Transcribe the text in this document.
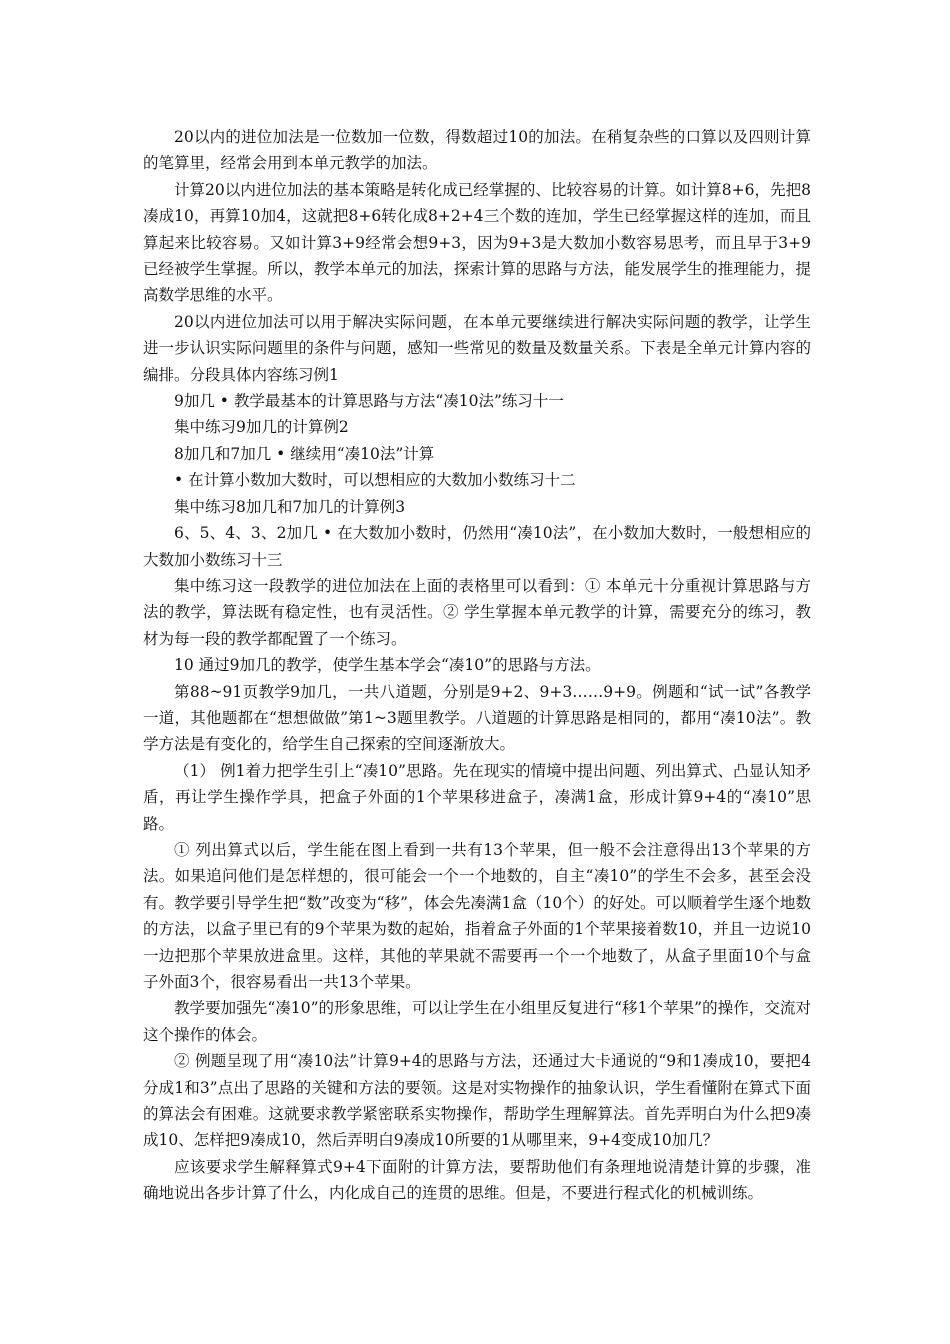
20以内的进位加法是一位数加一位数，得数超过10的加法。在稍复杂些的口算以及四则计算的笔算里，经常会用到本单元教学的加法。

计算20以内进位加法的基本策略是转化成已经掌握的、比较容易的计算。如计算8+6，先把8凑成10，再算10加4，这就把8+6转化成8+2+4三个数的连加，学生已经掌握这样的连加，而且算起来比较容易。又如计算3+9经常会想9+3，因为9+3是大数加小数容易思考，而且早于3+9已经被学生掌握。所以，教学本单元的加法，探索计算的思路与方法，能发展学生的推理能力，提高数学思维的水平。

20以内进位加法可以用于解决实际问题，在本单元要继续进行解决实际问题的教学，让学生进一步认识实际问题里的条件与问题，感知一些常见的数量及数量关系。下表是全单元计算内容的编排。分段具体内容练习例1

9加几 • 教学最基本的计算思路与方法“凑10法”练习十一

集中练习9加几的计算例2

8加几和7加几 • 继续用“凑10法”计算

• 在计算小数加大数时，可以想相应的大数加小数练习十二

集中练习8加几和7加几的计算例3

6、5、4、3、2加几 • 在大数加小数时，仍然用“凑10法”，在小数加大数时，一般想相应的大数加小数练习十三

集中练习这一段教学的进位加法在上面的表格里可以看到：① 本单元十分重视计算思路与方法的教学，算法既有稳定性，也有灵活性。② 学生掌握本单元教学的计算，需要充分的练习，教材为每一段的教学都配置了一个练习。

10 通过9加几的教学，使学生基本学会“凑10”的思路与方法。

第88~91页教学9加几，一共八道题，分别是9+2、9+3……9+9。例题和“试一试”各教学一道，其他题都在“想想做做”第1~3题里教学。八道题的计算思路是相同的，都用“凑10法”。教学方法是有变化的，给学生自己探索的空间逐渐放大。

（1） 例1着力把学生引上“凑10”思路。先在现实的情境中提出问题、列出算式、凸显认知矛盾，再让学生操作学具，把盒子外面的1个苹果移进盒子，凑满1盒，形成计算9+4的“凑10”思路。

① 列出算式以后，学生能在图上看到一共有13个苹果，但一般不会注意得出13个苹果的方法。如果追问他们是怎样想的，很可能会一个一个地数的，自主“凑10”的学生不会多，甚至会没有。教学要引导学生把“数”改变为“移”，体会先凑满1盒（10个）的好处。可以顺着学生逐个地数的方法，以盒子里已有的9个苹果为数的起始，指着盒子外面的1个苹果接着数10，并且一边说10一边把那个苹果放进盒里。这样，其他的苹果就不需要再一个一个地数了，从盒子里面10个与盒子外面3个，很容易看出一共13个苹果。

教学要加强先“凑10”的形象思维，可以让学生在小组里反复进行“移1个苹果”的操作，交流对这个操作的体会。

② 例题呈现了用“凑10法”计算9+4的思路与方法，还通过大卡通说的“9和1凑成10，要把4分成1和3”点出了思路的关键和方法的要领。这是对实物操作的抽象认识，学生看懂附在算式下面的算法会有困难。这就要求教学紧密联系实物操作，帮助学生理解算法。首先弄明白为什么把9凑成10、怎样把9凑成10，然后弄明白9凑成10所要的1从哪里来，9+4变成10加几？

应该要求学生解释算式9+4下面附的计算方法，要帮助他们有条理地说清楚计算的步骤，准确地说出各步计算了什么，内化成自己的连贯的思维。但是，不要进行程式化的机械训练。
